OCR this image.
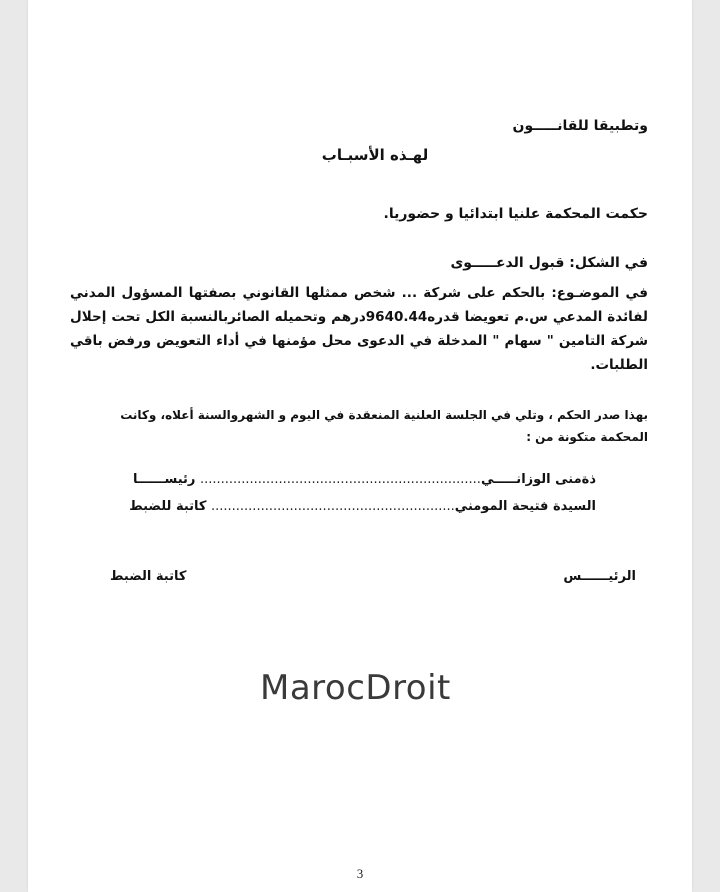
وتطبيقا للقانـــــون
لهـذه الأسبـاب
حكمت المحكمة علنيا ابتدائيا و حضوريا.
في الشكل: قبول الدعـــــوى
في الموضـوع: بالحكم على شركة ... شخص ممثلها القانوني بصفتها المسؤول المدني لفائدة المدعي س.م تعويضا قدره9640.44درهم وتحميله الصائربالنسبة الكل تحت إحلال شركة التامين " سهام " المدخلة في الدعوى محل مؤمنها في أداء التعويض ورفض باقي الطلبات.
بهذا صدر الحكم ، وتلي في الجلسة العلنية المنعقدة في اليوم و الشهروالسنة أعلاه، وكانت المحكمة متكونة من :
ذةمنى الوزانـــــي.................................................................... رئيســــــا
السيدة فتيحة المومني........................................................... كاتبة للضبط
الرئيــــــس
كاتبة الضبط
MarocDroit
3
